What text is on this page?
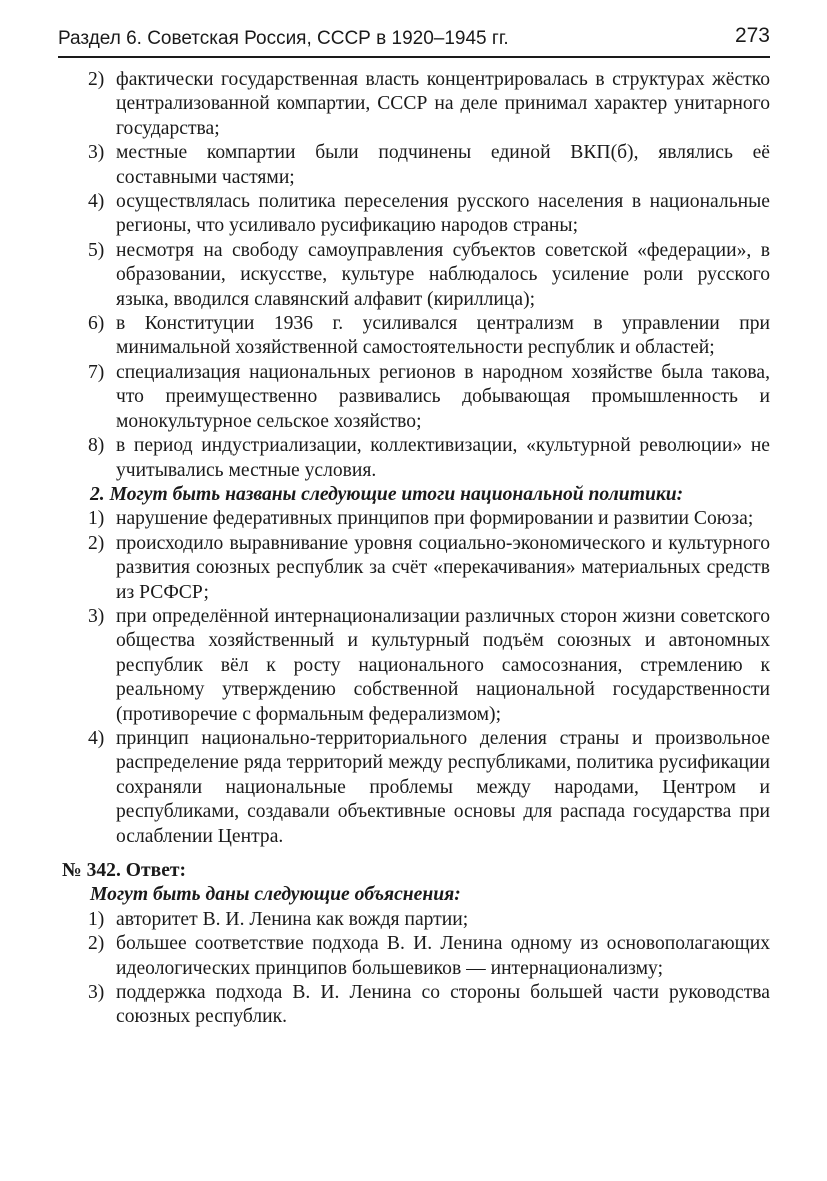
Раздел 6. Советская Россия, СССР в 1920–1945 гг.	273
2) фактически государственная власть концентрировалась в структурах жёстко централизованной компартии, СССР на деле принимал характер унитарного государства;
3) местные компартии были подчинены единой ВКП(б), являлись её составными частями;
4) осуществлялась политика переселения русского населения в национальные регионы, что усиливало русификацию народов страны;
5) несмотря на свободу самоуправления субъектов советской «федерации», в образовании, искусстве, культуре наблюдалось усиление роли русского языка, вводился славянский алфавит (кириллица);
6) в Конституции 1936 г. усиливался централизм в управлении при минимальной хозяйственной самостоятельности республик и областей;
7) специализация национальных регионов в народном хозяйстве была такова, что преимущественно развивались добывающая промышленность и монокультурное сельское хозяйство;
8) в период индустриализации, коллективизации, «культурной революции» не учитывались местные условия.
2. Могут быть названы следующие итоги национальной политики:
1) нарушение федеративных принципов при формировании и развитии Союза;
2) происходило выравнивание уровня социально-экономического и культурного развития союзных республик за счёт «перекачивания» материальных средств из РСФСР;
3) при определённой интернационализации различных сторон жизни советского общества хозяйственный и культурный подъём союзных и автономных республик вёл к росту национального самосознания, стремлению к реальному утверждению собственной национальной государственности (противоречие с формальным федерализмом);
4) принцип национально-территориального деления страны и произвольное распределение ряда территорий между республиками, политика русификации сохраняли национальные проблемы между народами, Центром и республиками, создавали объективные основы для распада государства при ослаблении Центра.
№ 342. Ответ:
Могут быть даны следующие объяснения:
1) авторитет В. И. Ленина как вождя партии;
2) большее соответствие подхода В. И. Ленина одному из основополагающих идеологических принципов большевиков — интернационализму;
3) поддержка подхода В. И. Ленина со стороны большей части руководства союзных республик.
